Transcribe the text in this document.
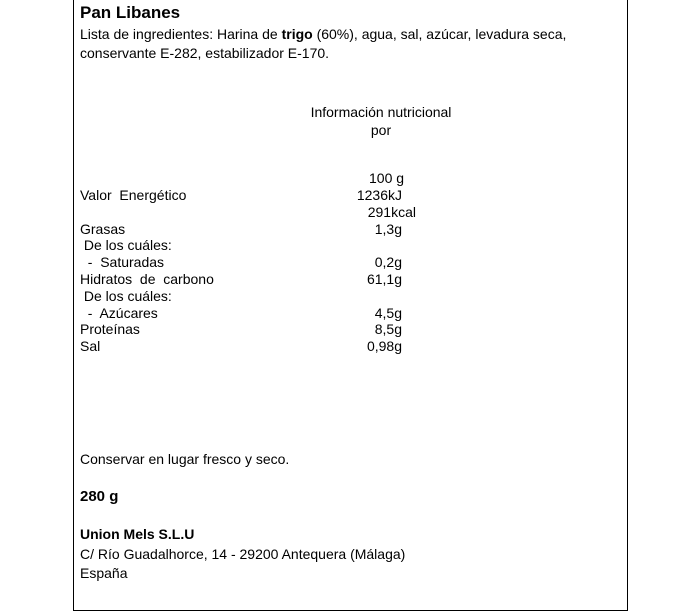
Pan Libanes
Lista de ingredientes: Harina de trigo (60%), agua, sal, azúcar, levadura seca,
conservante E-282, estabilizador E-170.
Información nutricional
por
100 g
Valor  Energético	1236kJ
291kcal
Grasas	1,3g
De los cuáles:
-  Saturadas	0,2g
Hidratos  de  carbono	61,1g
De los cuáles:
-  Azúcares	4,5g
Proteínas	8,5g
Sal	0,98g
Conservar en lugar fresco y seco.
280 g
Union Mels S.L.U
C/ Río Guadalhorce, 14 - 29200 Antequera (Málaga)
España
